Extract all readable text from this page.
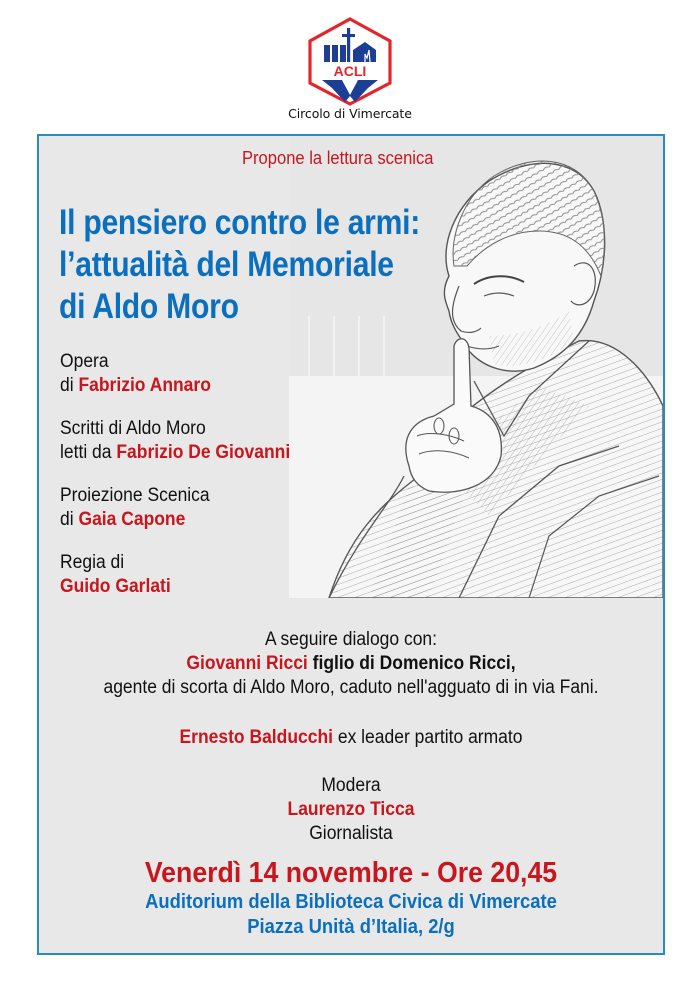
ACLI
Circolo di Vimercate
Propone la lettura scenica
Il pensiero contro le armi:
l’attualità del Memoriale
di Aldo Moro
Opera
di Fabrizio Annaro
Scritti di Aldo Moro
letti da Fabrizio De Giovanni
Proiezione Scenica
di Gaia Capone
Regia di
Guido Garlati
A seguire dialogo con:
Giovanni Ricci figlio di Domenico Ricci,
agente di scorta di Aldo Moro, caduto nell'agguato di in via Fani.
Ernesto Balducchi ex leader partito armato
Modera
Laurenzo Ticca
Giornalista
Venerdì 14 novembre - Ore 20,45
Auditorium della Biblioteca Civica di Vimercate
Piazza Unità d’Italia, 2/g
